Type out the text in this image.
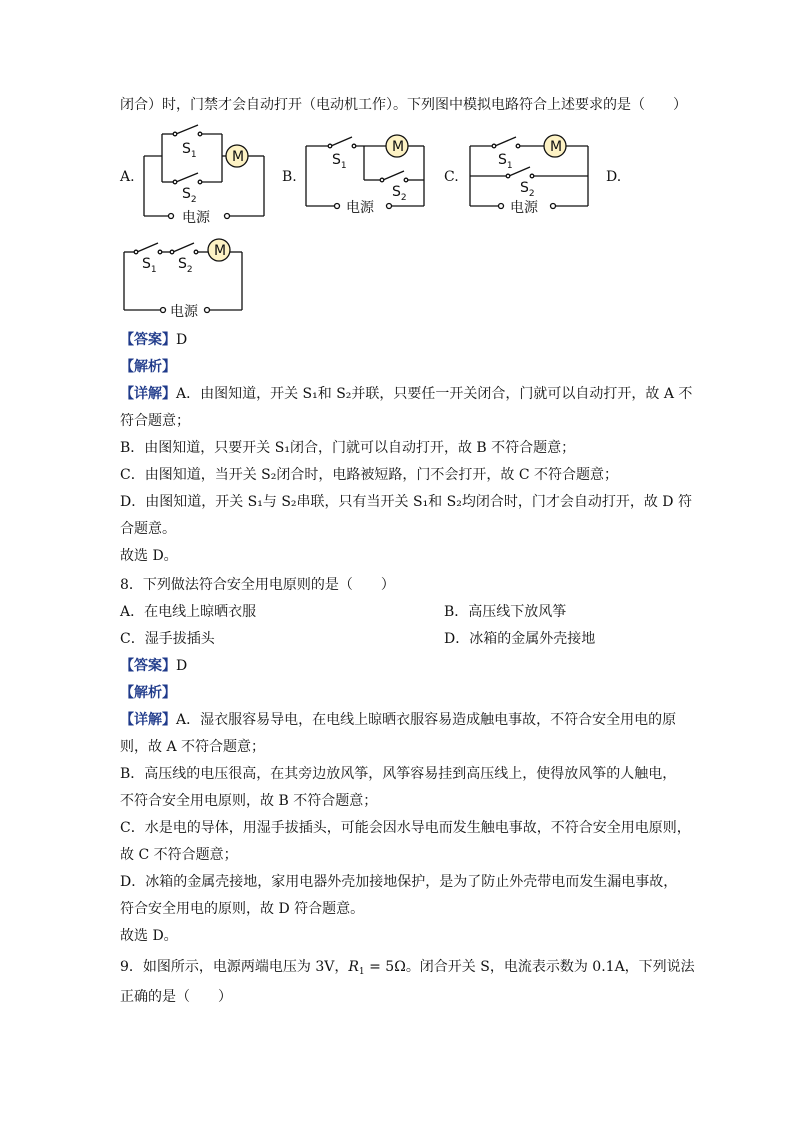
闭合）时，门禁才会自动打开（电动机工作）。下列图中模拟电路符合上述要求的是（　　）
A.
M
$S_1$
$S_2$
电源
B.
M
$S_1$
$S_2$
电源
C.
M
$S_1$
$S_2$
电源
D.
M
$S_1$ $S_2$
电源
【答案】D
【解析】
【详解】A．由图知道，开关 S₁和 S₂并联，只要任一开关闭合，门就可以自动打开，故 A 不
符合题意；
B．由图知道，只要开关 S₁闭合，门就可以自动打开，故 B 不符合题意；
C．由图知道，当开关 S₂闭合时，电路被短路，门不会打开，故 C 不符合题意；
D．由图知道，开关 S₁与 S₂串联，只有当开关 S₁和 S₂均闭合时，门才会自动打开，故 D 符
合题意。
故选 D。
8．下列做法符合安全用电原则的是（　　）
A．在电线上晾晒衣服	B．高压线下放风筝
C．湿手拔插头	D．冰箱的金属外壳接地
【答案】D
【解析】
【详解】A．湿衣服容易导电，在电线上晾晒衣服容易造成触电事故，不符合安全用电的原
则，故 A 不符合题意；
B．高压线的电压很高，在其旁边放风筝，风筝容易挂到高压线上，使得放风筝的人触电，
不符合安全用电原则，故 B 不符合题意；
C．水是电的导体，用湿手拔插头，可能会因水导电而发生触电事故，不符合安全用电原则，
故 C 不符合题意；
D．冰箱的金属壳接地，家用电器外壳加接地保护，是为了防止外壳带电而发生漏电事故，
符合安全用电的原则，故 D 符合题意。
故选 D。
9．如图所示，电源两端电压为 3V，$R_1 = 5\Omega$。闭合开关 S，电流表示数为 0.1A，下列说法
正确的是（　　）
